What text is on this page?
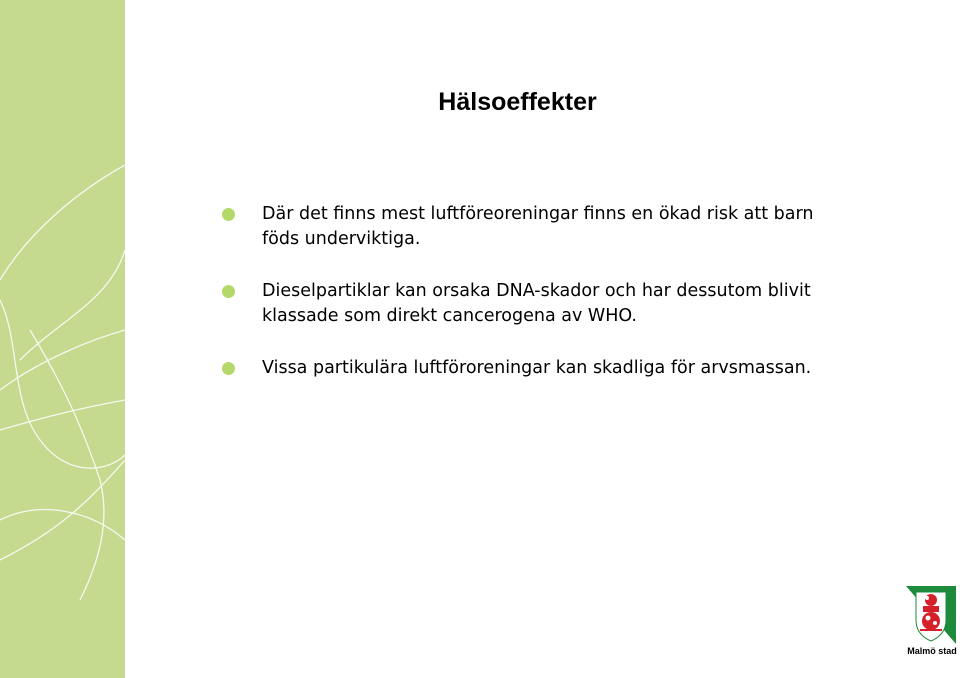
Hälsoeffekter
Där det finns mest luftföreoreningar finns en ökad risk att barn föds underviktiga.
Dieselpartiklar kan orsaka DNA-skador och har dessutom blivit klassade som direkt cancerogena av WHO.
Vissa partikulära luftföroreningar kan skadliga för arvsmassan.
Malmö stad
